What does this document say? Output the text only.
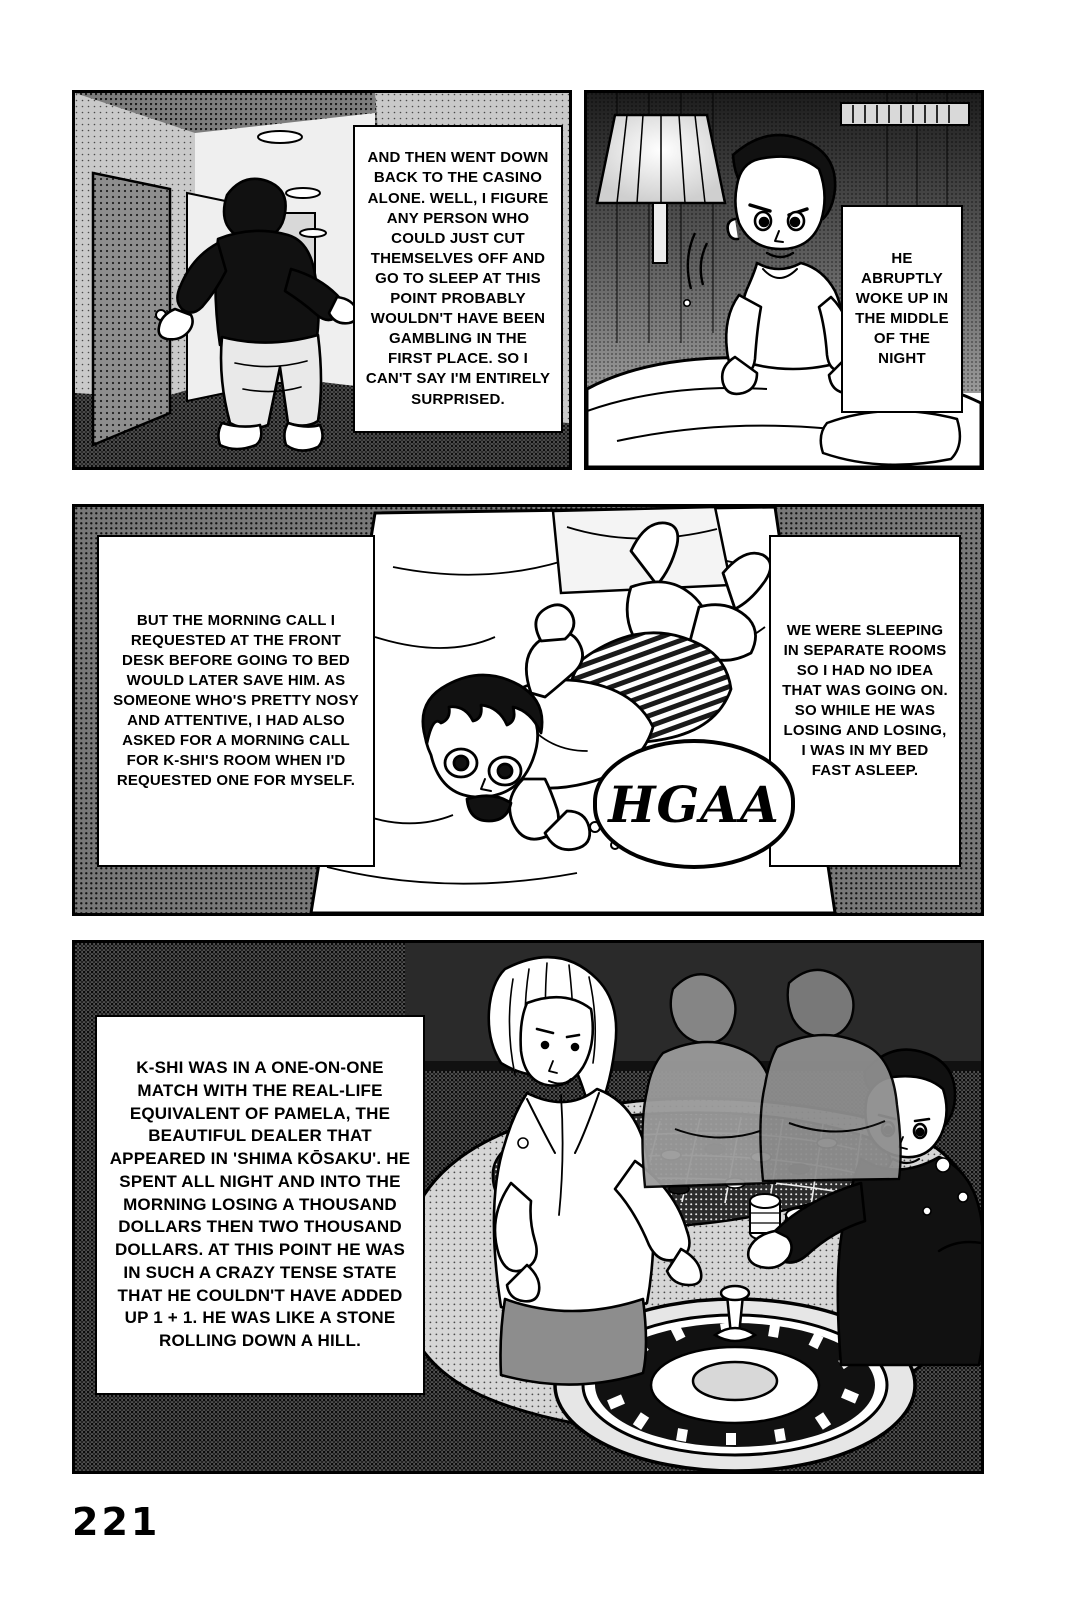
AND THEN WENT DOWN BACK TO THE CASINO ALONE. WELL, I FIGURE ANY PERSON WHO COULD JUST CUT THEMSELVES OFF AND GO TO SLEEP AT THIS POINT PROBABLY WOULDN'T HAVE BEEN GAMBLING IN THE FIRST PLACE. SO I CAN'T SAY I'M ENTIRELY SURPRISED.
HE ABRUPTLY WOKE UP IN THE MIDDLE OF THE NIGHT
BUT THE MORNING CALL I REQUESTED AT THE FRONT DESK BEFORE GOING TO BED WOULD LATER SAVE HIM. AS SOMEONE WHO'S PRETTY NOSY AND ATTENTIVE, I HAD ALSO ASKED FOR A MORNING CALL FOR K-SHI'S ROOM WHEN I'D REQUESTED ONE FOR MYSELF.
WE WERE SLEEPING IN SEPARATE ROOMS SO I HAD NO IDEA THAT WAS GOING ON. SO WHILE HE WAS LOSING AND LOSING, I WAS IN MY BED FAST ASLEEP.
HGAA
K-SHI WAS IN A ONE-ON-ONE MATCH WITH THE REAL-LIFE EQUIVALENT OF PAMELA, THE BEAUTIFUL DEALER THAT APPEARED IN 'SHIMA KŌSAKU'. HE SPENT ALL NIGHT AND INTO THE MORNING LOSING A THOUSAND DOLLARS THEN TWO THOUSAND DOLLARS. AT THIS POINT HE WAS IN SUCH A CRAZY TENSE STATE THAT HE COULDN'T HAVE ADDED UP 1 + 1. HE WAS LIKE A STONE ROLLING DOWN A HILL.
221
